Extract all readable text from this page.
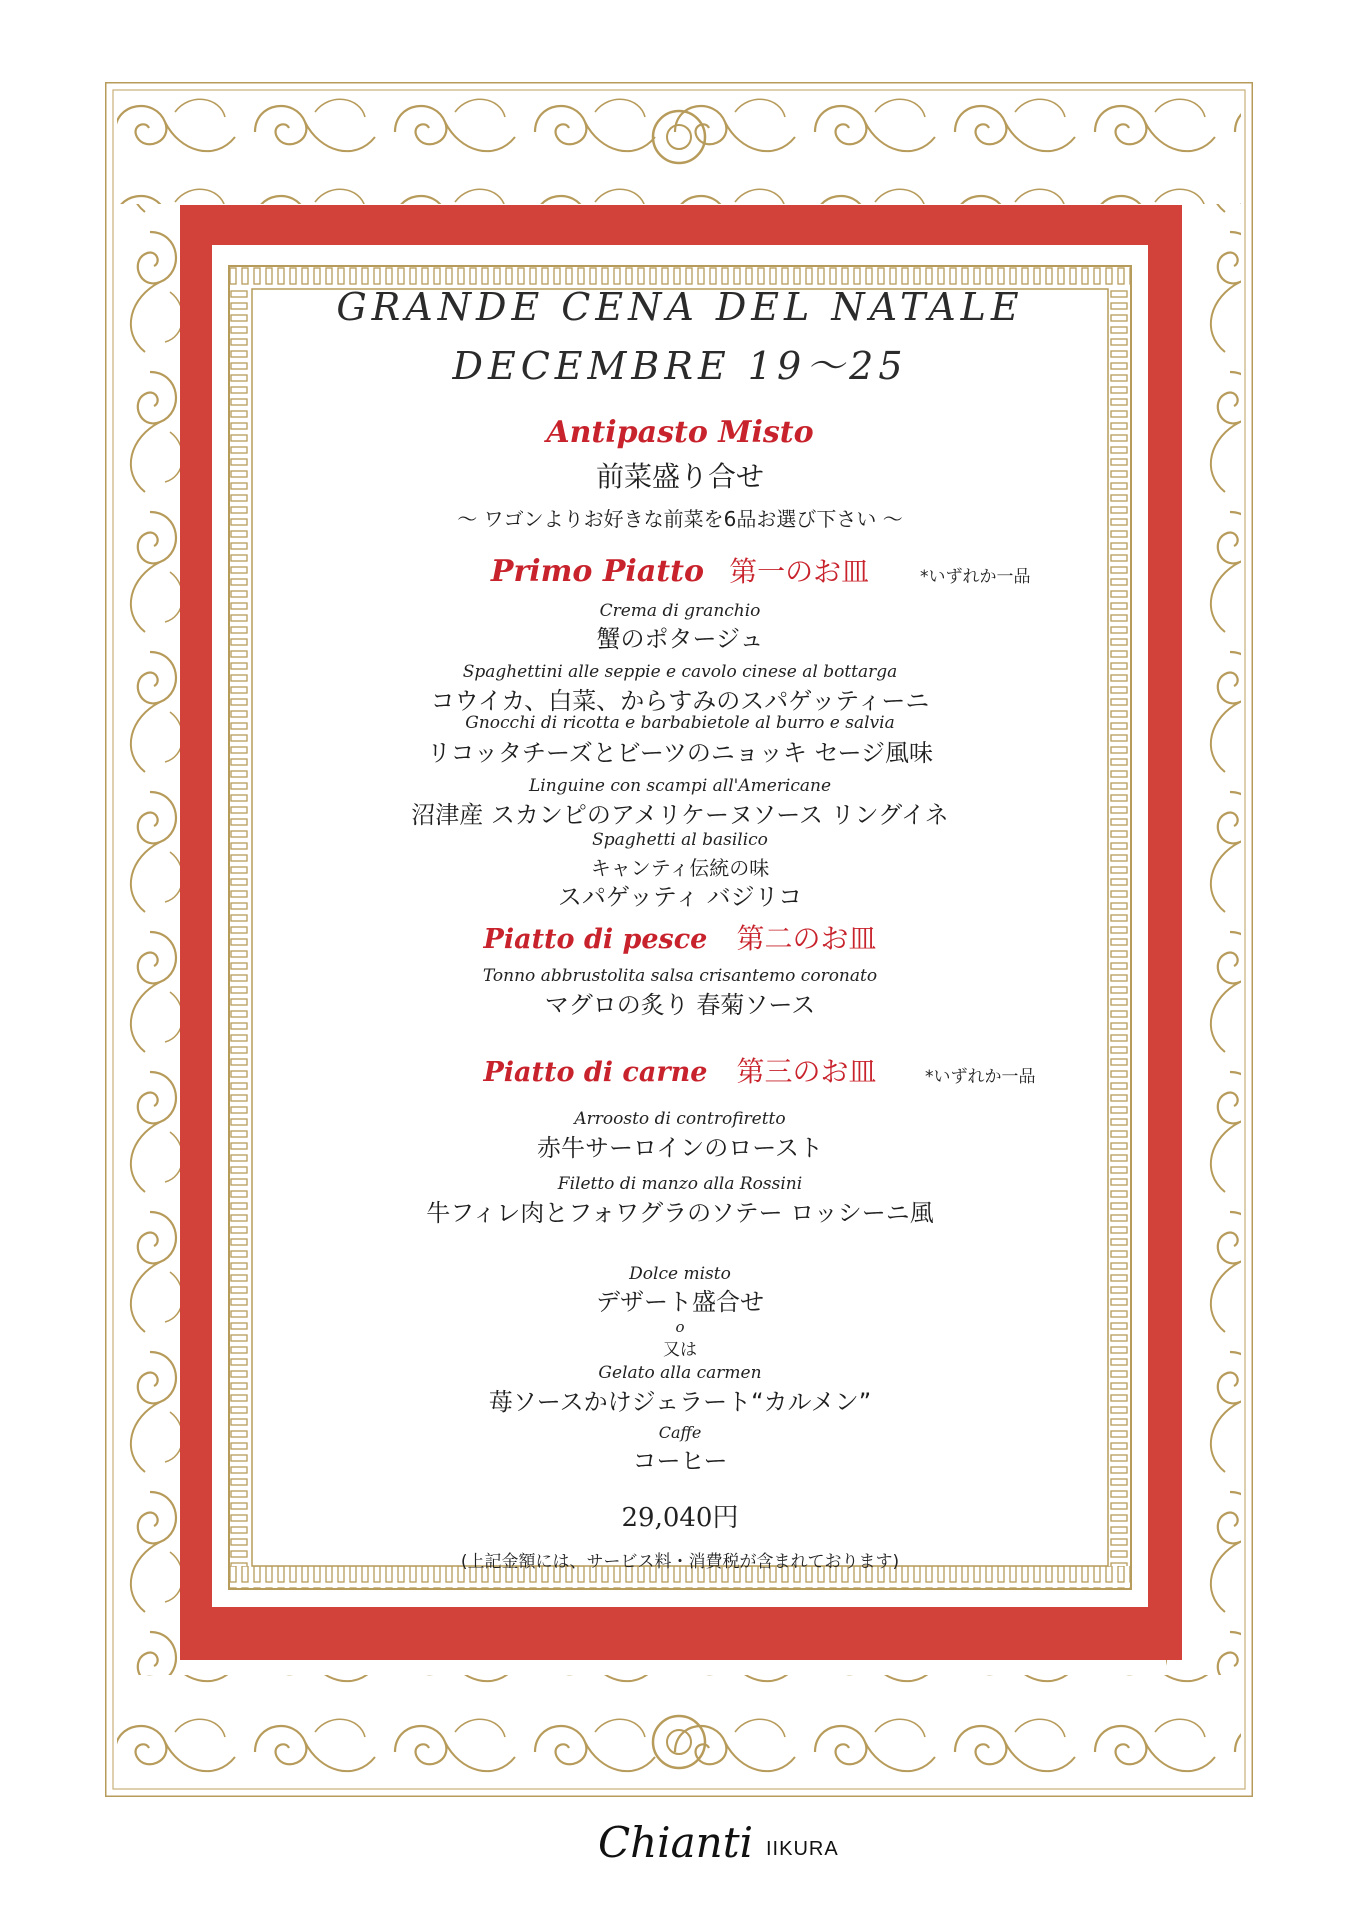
GRANDE CENA DEL NATALE
DECEMBRE 19～25
Antipasto Misto
前菜盛り合せ
～ ワゴンよりお好きな前菜を6品お選び下さい ～
Primo Piatto 第一のお皿	*いずれか一品
Crema di granchio
蟹のポタージュ
Spaghettini alle seppie e cavolo cinese al bottarga
コウイカ、白菜、からすみのスパゲッティーニ
Gnocchi di ricotta e barbabietole al burro e salvia
リコッタチーズとビーツのニョッキ セージ風味
Linguine con scampi all'Americane
沼津産 スカンピのアメリケーヌソース リングイネ
Spaghetti al basilico
キャンティ伝統の味
スパゲッティ バジリコ
Piatto di pesce 第二のお皿
Tonno abbrustolita salsa crisantemo coronato
マグロの炙り 春菊ソース
Piatto di carne 第三のお皿	*いずれか一品
Arroosto di controfiretto
赤牛サーロインのロースト
Filetto di manzo alla Rossini
牛フィレ肉とフォワグラのソテー ロッシーニ風
Dolce misto
デザート盛合せ
o
又は
Gelato alla carmen
苺ソースかけジェラート“カルメン”
Caffe
コーヒー
29,040円
(上記金額には、サービス料・消費税が含まれております)
Chianti IIKURA
